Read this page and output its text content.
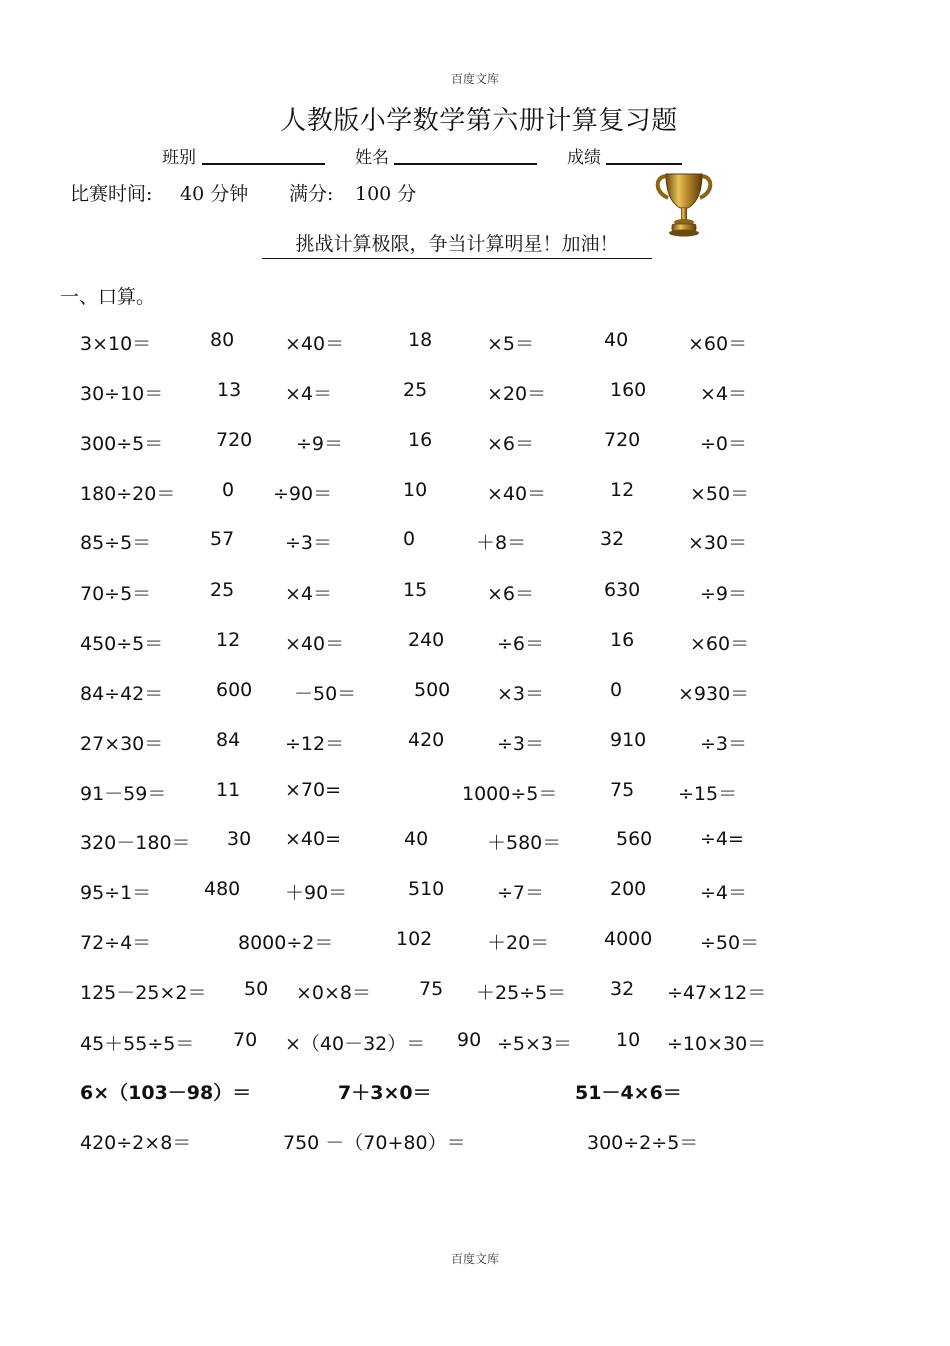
百度文库
人教版小学数学第六册计算复习题
班别	姓名	成绩
比赛时间: 40 分钟 满分: 100 分
挑战计算极限，争当计算明星！加油！
一、口算。
3×10＝	80	×40＝	18	×5＝	40	×60＝
30÷10＝	13 ×4＝	25	×20＝	160	×4＝
300÷5＝	720 ÷9＝	16	×6＝	720	÷0＝
180÷20＝ 0 ÷90＝	10	×40＝	12	×50＝
85÷5＝	57	÷3＝	0	＋8＝	32	×30＝
70÷5＝	25	×4＝	15	×6＝	630	÷9＝
450÷5＝	12 ×40＝	240	÷6＝	16	×60＝
84÷42＝	600 －50＝	500 ×3＝	0	×930＝
27×30＝	84 ÷12＝	420	÷3＝	910	÷3＝
91－59＝	11 ×70=	1000÷5＝	75 ÷15＝
320－180＝ 30 ×40=	40	＋580＝	560	÷4=
95÷1＝	480 ＋90＝	510	÷7＝	200	÷4＝
72÷4＝	8000÷2＝	102	＋20＝	4000	÷50＝
125－25×2＝ 50 ×0×8＝	75 ＋25÷5＝ 32 ÷47×12＝
45＋55÷5＝ 70 ×（40－32）＝ 90 ÷5×3＝ 10 ÷10×30＝
6×（103－98）＝	7＋3×0＝	51－4×6＝
420÷2×8＝	750 －（70+80）＝	300÷2÷5＝
百度文库
